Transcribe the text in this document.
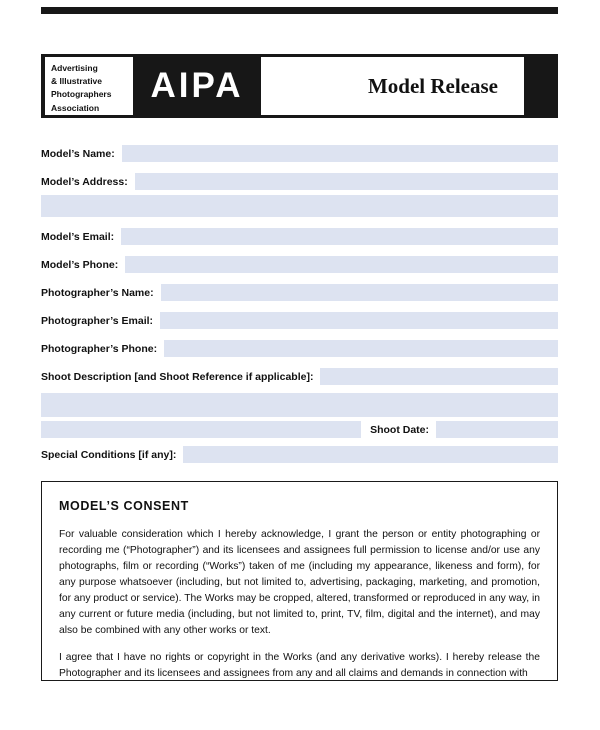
Advertising
& Illustrative
Photographers
Association
AIPA	Model Release
Model’s Name:
Model’s Address:
Model’s Email:
Model’s Phone:
Photographer’s Name:
Photographer’s Email:
Photographer’s Phone:
Shoot Description [and Shoot Reference if applicable]:
Shoot Date:
Special Conditions [if any]:
MODEL’S CONSENT

For valuable consideration which I hereby acknowledge, I grant the person or entity photographing or recording me (“Photographer”) and its licensees and assignees full permission to license and/or use any photographs, film or recording (“Works”) taken of me (including my appearance, likeness and form), for any purpose whatsoever (including, but not limited to, advertising, packaging, marketing, and promotion, for any product or service). The Works may be cropped, altered, transformed or reproduced in any way, in any current or future media (including, but not limited to, print, TV, film, digital and the internet), and may also be combined with any other works or text.

I agree that I have no rights or copyright in the Works (and any derivative works). I hereby release the Photographer and its licensees and assignees from any and all claims and demands in connection with
